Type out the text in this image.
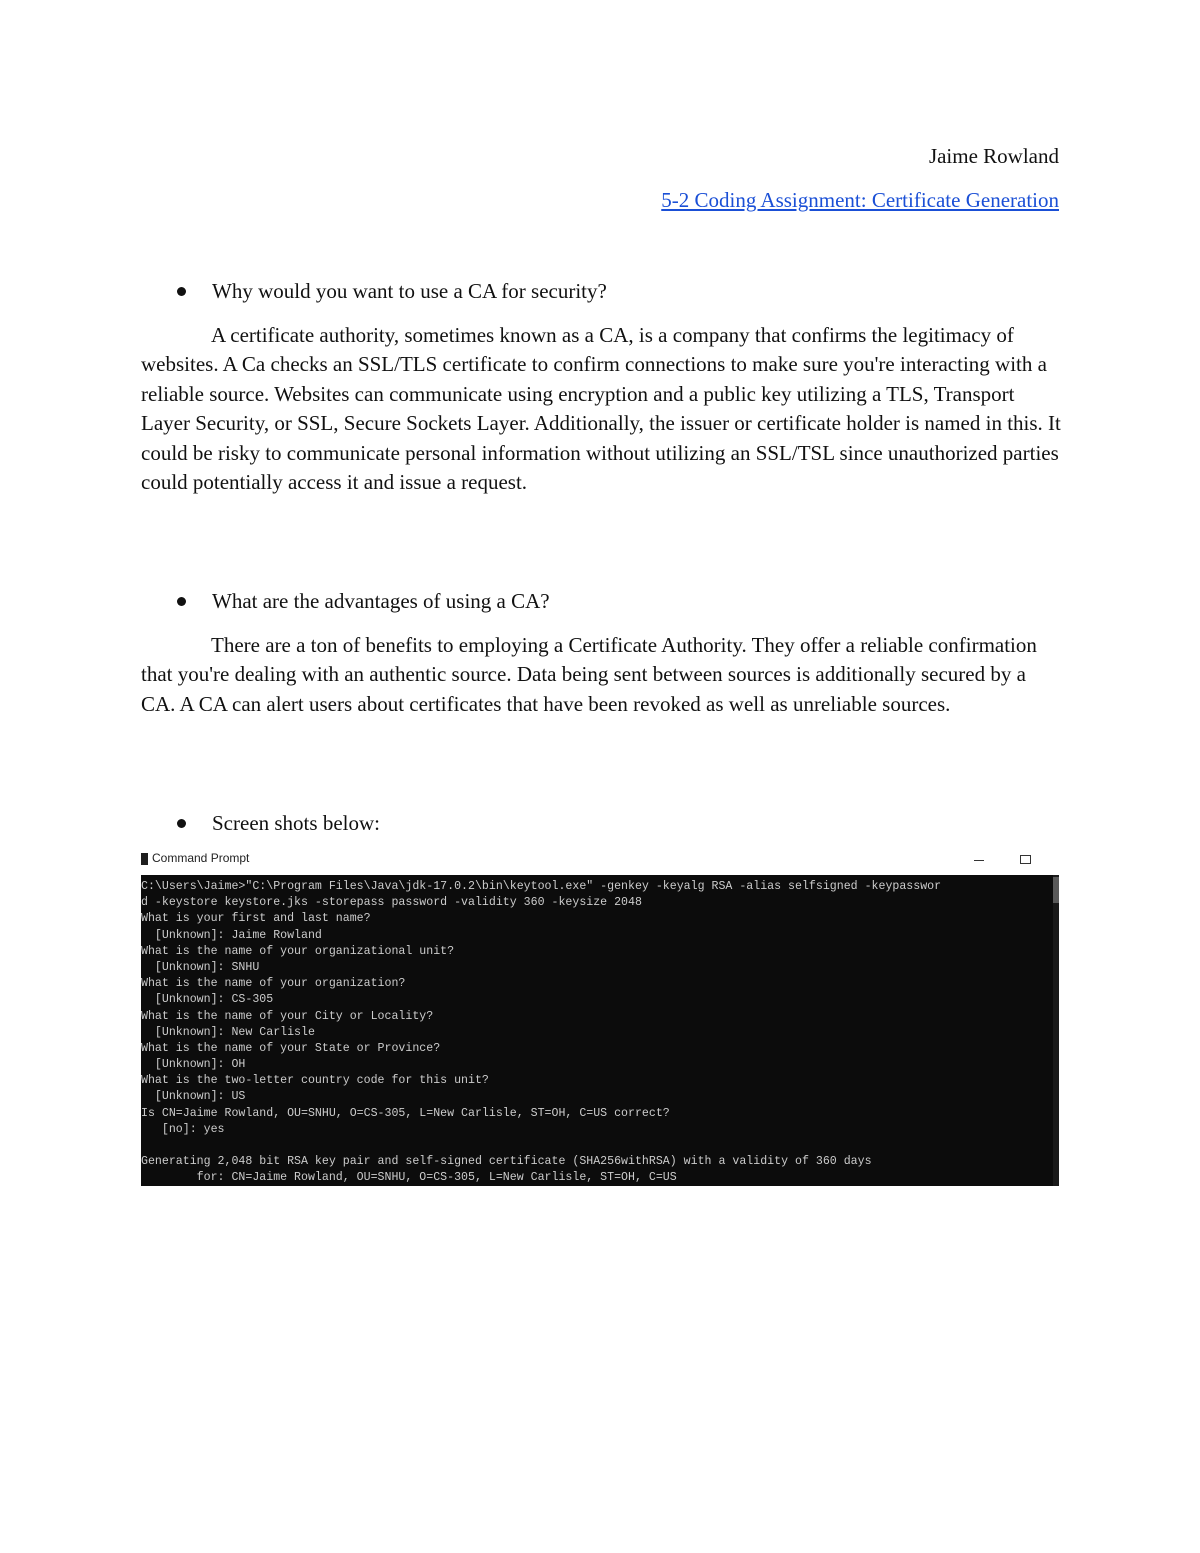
Jaime Rowland
5-2 Coding Assignment: Certificate Generation
Why would you want to use a CA for security?

A certificate authority, sometimes known as a CA, is a company that confirms the legitimacy of websites. A Ca checks an SSL/TLS certificate to confirm connections to make sure you're interacting with a reliable source. Websites can communicate using encryption and a public key utilizing a TLS, Transport Layer Security, or SSL, Secure Sockets Layer. Additionally, the issuer or certificate holder is named in this. It could be risky to communicate personal information without utilizing an SSL/TSL since unauthorized parties could potentially access it and issue a request.

What are the advantages of using a CA?

There are a ton of benefits to employing a Certificate Authority. They offer a reliable confirmation that you're dealing with an authentic source. Data being sent between sources is additionally secured by a CA. A CA can alert users about certificates that have been revoked as well as unreliable sources.

Screen shots below:
Command Prompt
C:\Users\Jaime>"C:\Program Files\Java\jdk-17.0.2\bin\keytool.exe" -genkey -keyalg RSA -alias selfsigned -keypasswor
d -keystore keystore.jks -storepass password -validity 360 -keysize 2048
What is your first and last name?
[Unknown]: Jaime Rowland
What is the name of your organizational unit?
[Unknown]: SNHU
What is the name of your organization?
[Unknown]: CS-305
What is the name of your City or Locality?
[Unknown]: New Carlisle
What is the name of your State or Province?
[Unknown]: OH
What is the two-letter country code for this unit?
[Unknown]: US
Is CN=Jaime Rowland, OU=SNHU, O=CS-305, L=New Carlisle, ST=OH, C=US correct?
[no]: yes
Generating 2,048 bit RSA key pair and self-signed certificate (SHA256withRSA) with a validity of 360 days
for: CN=Jaime Rowland, OU=SNHU, O=CS-305, L=New Carlisle, ST=OH, C=US
